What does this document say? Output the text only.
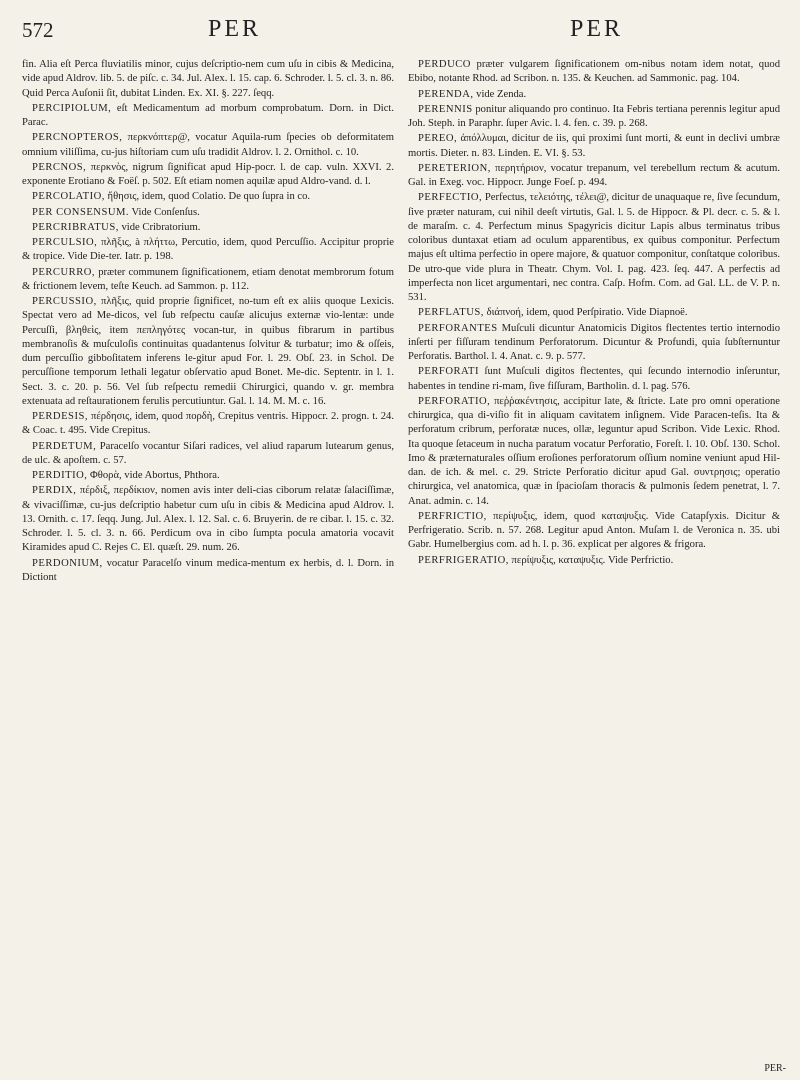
572	PER	PER

fin. Alia eſt Perca fluviatilis minor, cujus deſcriptio-nem cum uſu in cibis & Medicina, vide apud Aldrov. lib. 5. de piſc. c. 34. Jul. Alex. l. 15. cap. 6. Schroder. l. 5. cl. 3. n. 86. Quid Perca Auſonii ſit, dubitat Linden. Ex. XI. §. 227. ſeqq.

PERCIPIOLUM, eſt Medicamentum ad morbum comprobatum. Dorn. in Dict. Parac.

PERCNOPTEROS, περκνόπτερ@, vocatur Aquila-rum ſpecies ob deformitatem omnium viliſſima, cu-jus hiſtoriam cum uſu tradidit Aldrov. l. 2. Ornithol. c. 10.

PERCNOS, περκνὸς, nigrum ſignificat apud Hip-pocr. l. de cap. vuln. XXVI. 2. exponente Erotiano & Foëſ. p. 502. Eſt etiam nomen aquilæ apud Aldro-vand. d. l.

PERCOLATIO, ἤθησις, idem, quod Colatio. De quo ſupra in co.

PER CONSENSUM. Vide Conſenſus.

PERCRIBRATUS, vide Cribratorium.

PERCULSIO, πλῆξις, à πλήττω, Percutio, idem, quod Percuſſio. Accipitur proprie & tropice. Vide Die-ter. Iatr. p. 198.

PERCURRO, præter communem ſignificationem, etiam denotat membrorum fotum & frictionem levem, teſte Keuch. ad Sammon. p. 112.

PERCUSSIO, πλῆξις, quid proprie ſignificet, no-tum eſt ex aliis quoque Lexicis. Spectat vero ad Me-dicos, vel ſub reſpectu cauſæ alicujus externæ vio-lentæ: unde Percuſſi, βληθεὶς, item πεπληγότες vocan-tur, in quibus fibrarum in partibus membranoſis & muſculoſis continuitas quadantenus ſolvitur & turbatur; imo & oſſeis, dum percuſſio gibboſitatem inferens le-gitur apud For. l. 29. Obſ. 23. in Schol. De percuſſione temporum lethali legatur obſervatio apud Bonet. Me-dic. Septentr. in l. 1. Sect. 3. c. 20. p. 56. Vel ſub reſpectu remedii Chirurgici, quando v. gr. membra extenuata ad reſtaurationem ferulis percutiuntur. Gal. l. 14. M. M. c. 16.

PERDESIS, πέρδησις, idem, quod πορδὴ, Crepitus ventris. Hippocr. 2. progn. t. 24. & Coac. t. 495. Vide Crepitus.

PERDETUM, Paracelſo vocantur Siſari radices, vel aliud raparum lutearum genus, de ulc. & apoſtem. c. 57.

PERDITIO, Φθορὰ, vide Abortus, Phthora.

PERDIX, πέρδιξ, περδίκιον, nomen avis inter deli-cias ciborum relatæ ſalaciſſimæ, & vivaciſſimæ, cu-jus deſcriptio habetur cum uſu in cibis & Medicina apud Aldrov. l. 13. Ornith. c. 17. ſeqq. Jung. Jul. Alex. l. 12. Sal. c. 6. Bruyerin. de re cibar. l. 15. c. 32. Schroder. l. 5. cl. 3. n. 66. Perdicum ova in cibo ſumpta pocula amatoria vocavit Kiramides apud C. Rejes C. El. quæſt. 29. num. 26.

PERDONIUM, vocatur Paracelſo vinum medica-mentum ex herbis, d. l. Dorn. in Dictiont

PERDUCO præter vulgarem ſignificationem om-nibus notam idem notat, quod Ebibo, notante Rhod. ad Scribon. n. 135. & Keuchen. ad Sammonic. pag. 104.

PERENDA, vide Zenda.

PERENNIS ponitur aliquando pro continuo. Ita Febris tertiana perennis legitur apud Joh. Steph. in Paraphr. ſuper Avic. l. 4. fen. c. 39. p. 268.

PEREO, ἀπόλλυμαι, dicitur de iis, qui proximi ſunt morti, & eunt in declivi umbræ mortis. Dieter. n. 83. Linden. E. VI. §. 53.

PERETERION, περητήριον, vocatur trepanum, vel terebellum rectum & acutum. Gal. in Exeg. voc. Hippocr. Junge Foeſ. p. 494.

PERFECTIO, Perfectus, τελειότης, τέλει@, dicitur de unaquaque re, ſive ſecundum, ſive præter naturam, cui nihil deeſt virtutis, Gal. l. 5. de Hippocr. & Pl. decr. c. 5. & l. de maraſm. c. 4. Perfectum minus Spagyricis dicitur Lapis albus terminatus tribus coloribus duntaxat etiam ad oculum apparentibus, ex quibus componitur. Perfectum majus eſt ultima perfectio in opere majore, & quatuor componitur, conſtatque coloribus. De utro-que vide plura in Theatr. Chym. Vol. I. pag. 423. ſeq. 447. A perfectis ad imperfecta non licet argumentari, nec contra. Caſp. Hofm. Com. ad Gal. LL. de V. P. n. 531.

PERFLATUS, διάπνοή, idem, quod Perſpiratio. Vide Diapnoë.

PERFORANTES Muſculi dicuntur Anatomicis Digitos flectentes tertio internodio inſerti per fiſſuram tendinum Perforatorum. Dicuntur & Profundi, quia ſubſternuntur Perforatis. Barthol. l. 4. Anat. c. 9. p. 577.

PERFORATI ſunt Muſculi digitos flectentes, qui ſecundo internodio inſeruntur, habentes in tendine ri-mam, ſive fiſſuram, Bartholin. d. l. pag. 576.

PERFORATIO, πεῤῥακέντησις, accipitur late, & ſtricte. Late pro omni operatione chirurgica, qua di-viſio fit in aliquam cavitatem inſignem. Vide Paracen-teſis. Ita & perforatum cribrum, perforatæ nuces, ollæ, leguntur apud Scribon. Vide Lexic. Rhod. Ita quoque ſetaceum in nucha paratum vocatur Perforatio, Foreſt. l. 10. Obſ. 130. Schol. Imo & præternaturales oſſium eroſiones perforatorum oſſium nomine veniunt apud Hil-dan. de ich. & mel. c. 29. Stricte Perforatio dicitur apud Gal. συντρησις; operatio chirurgica, vel anatomica, quæ in ſpacioſam thoracis & pulmonis ſedem penetrat, l. 7. Anat. admin. c. 14.

PERFRICTIO, περίψυξις, idem, quod καταψυξις. Vide Catapſyxis. Dicitur & Perfrigeratio. Scrib. n. 57. 268. Legitur apud Anton. Muſam l. de Veronica n. 35. ubi Gabr. Humelbergius com. ad h. l. p. 36. explicat per algores & frigora.

PERFRIGERATIO, περίψυξις, καταψυξις. Vide Perfrictio.

PER-
